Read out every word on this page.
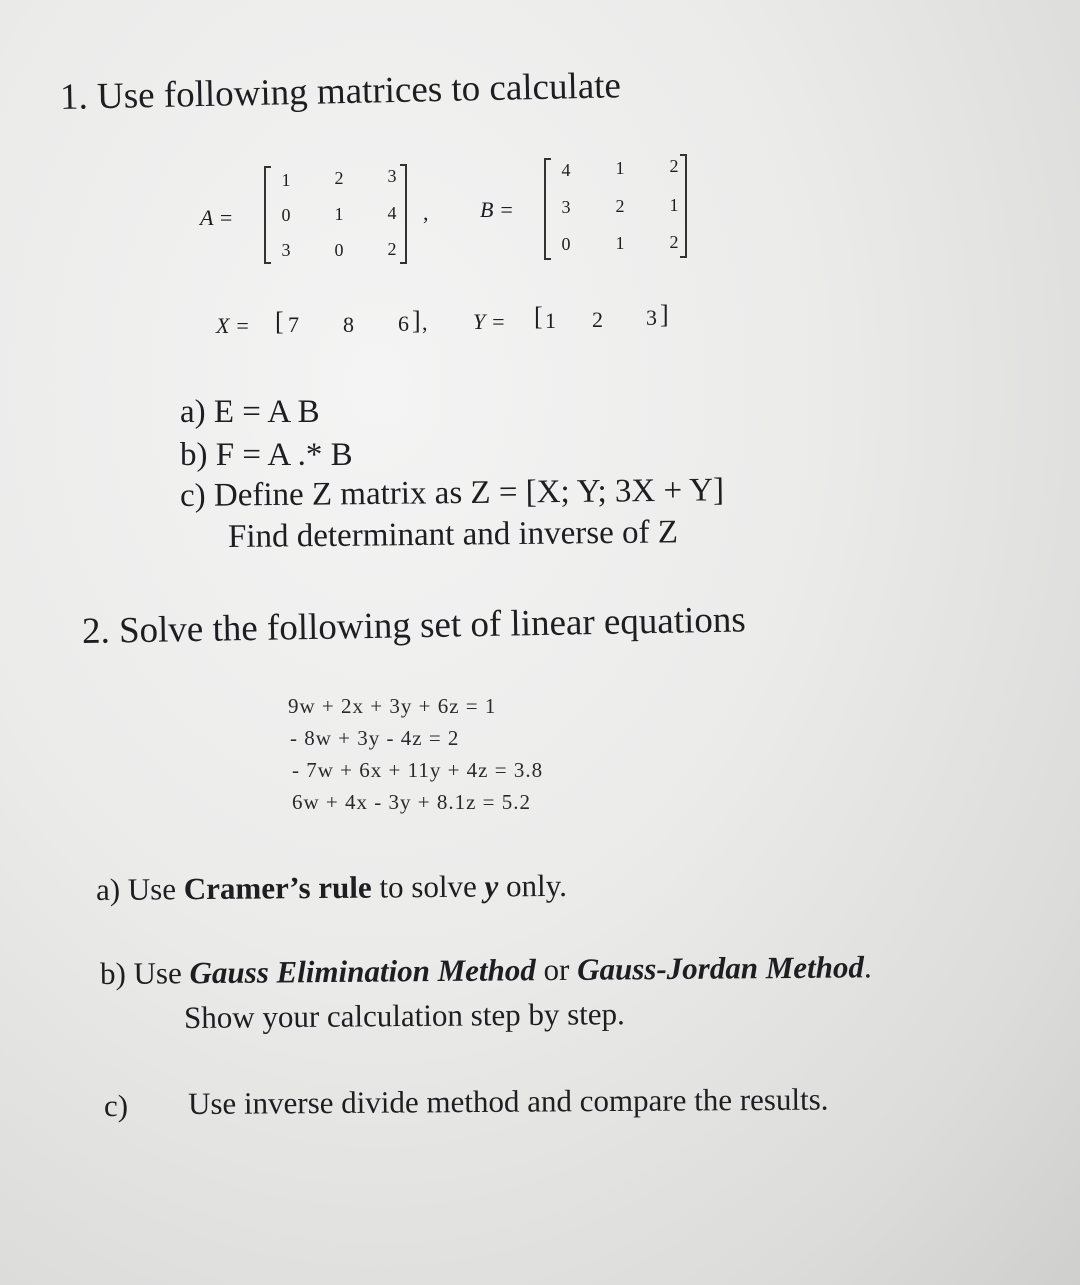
1. Use following matrices to calculate
A =
1	2	3
0	1	4
3	0	2
, B =
4	1	2
3	2	1
0	1	2
X = [ 7 8 6 ] , Y = [ 1 2 3 ]
a) E = A B
b) F = A .* B
c) Define Z matrix as Z = [X; Y; 3X + Y]
Find determinant and inverse of Z
2. Solve the following set of linear equations
9w + 2x + 3y + 6z = 1
- 8w + 3y - 4z = 2
- 7w + 6x + 11y + 4z = 3.8
6w + 4x - 3y + 8.1z = 5.2
a) Use Cramer’s rule to solve y only.
b) Use Gauss Elimination Method or Gauss-Jordan Method.
Show your calculation step by step.
c) Use inverse divide method and compare the results.
